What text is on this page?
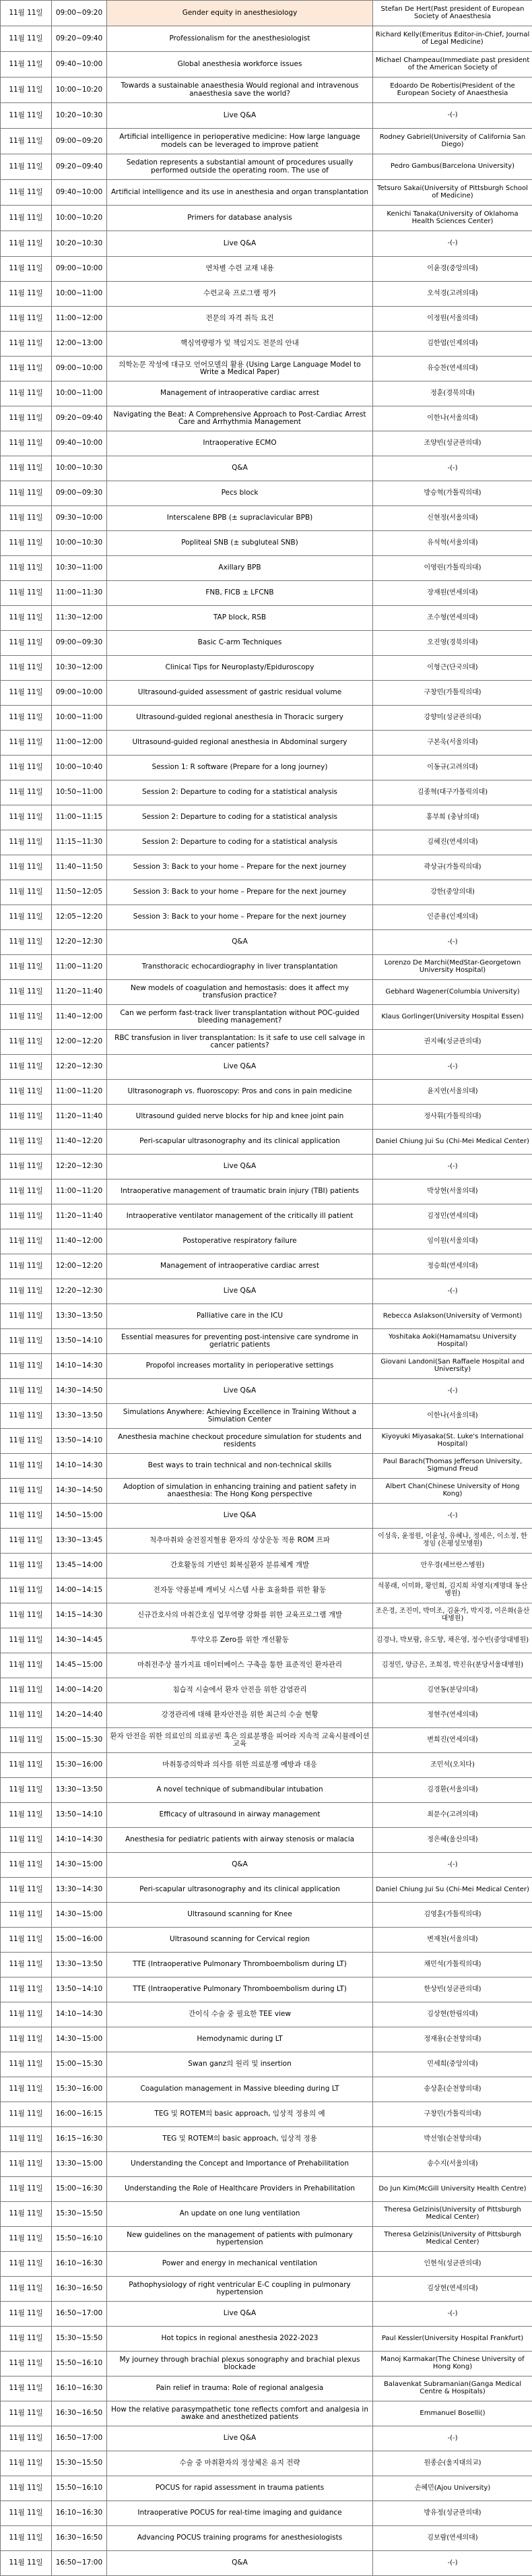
11월 11일	09:00~09:20	Gender equity in anesthesiology	Stefan De Hert(Past president of European Society of Anaesthesia
11월 11일	09:20~09:40	Professionalism for the anesthesiologist	Richard Kelly(Emeritus Editor-in-Chief, Journal of Legal Medicine)
11월 11일	09:40~10:00	Global anesthesia workforce issues	Michael Champeau(Immediate past president of the American Society of
11월 11일	10:00~10:20	Towards a sustainable anaesthesia Would regional and intravenous anaesthesia save the world?	Edoardo De Robertis(President of the European Society of Anaesthesia
11월 11일	10:20~10:30	Live Q&A	-(-)
11월 11일	09:00~09:20	Artificial intelligence in perioperative medicine: How large language models can be leveraged to improve patient	Rodney Gabriel(University of California San Diego)
11월 11일	09:20~09:40	Sedation represents a substantial amount of procedures usually performed outside the operating room. The use of	Pedro Gambus(Barcelona University)
11월 11일	09:40~10:00	Artificial intelligence and its use in anesthesia and organ transplantation	Tetsuro Sakai(University of Pittsburgh School of Medicine)
11월 11일	10:00~10:20	Primers for database analysis	Kenichi Tanaka(University of Oklahoma Health Sciences Center)
11월 11일	10:20~10:30	Live Q&A	-(-)
11월 11일	09:00~10:00	연차별 수련 교재 내용	이윤경(중앙의대)
11월 11일	10:00~11:00	수련교육 프로그램 평가	오석경(고려의대)
11월 11일	11:00~12:00	전문의 자격 취득 요건	이정원(서울의대)
11월 11일	12:00~13:00	핵심역량평가 및 책임지도 전문의 안내	김한엽(인제의대)
11월 11일	09:00~10:00	의학논문 작성에 대규모 언어모델의 활용 (Using Large Language Model to Write a Medical Paper)	유승찬(연세의대)
11월 11일	10:00~11:00	Management of intraoperative cardiac arrest	정훈(경북의대)
11월 11일	09:20~09:40	Navigating the Beat: A Comprehensive Approach to Post-Cardiac Arrest Care and Arrhythmia Management	이한나(서울의대)
11월 11일	09:40~10:00	Intraoperative ECMO	조양빈(성균관의대)
11월 11일	10:00~10:30	Q&A	-(-)
11월 11일	09:00~09:30	Pecs block	방승혁(가톨릭의대)
11월 11일	09:30~10:00	Interscalene BPB (± supraclavicular BPB)	신현정(서울의대)
11월 11일	10:00~10:30	Popliteal SNB (± subgluteal SNB)	유석혁(서울의대)
11월 11일	10:30~11:00	Axillary BPB	이영린(가톨릭의대)
11월 11일	11:00~11:30	FNB, FICB ± LFCNB	장재원(연세의대)
11월 11일	11:30~12:00	TAP block, RSB	조수형(연세의대)
11월 11일	09:00~09:30	Basic C-arm Techniques	오진영(경북의대)
11월 11일	10:30~12:00	Clinical Tips for Neuroplasty/Epiduroscopy	이형근(단국의대)
11월 11일	09:00~10:00	Ultrasound-guided assessment of gastric residual volume	구창민(가톨릭의대)
11월 11일	10:00~11:00	Ultrasound-guided regional anesthesia in Thoracic surgery	강향미(성균관의대)
11월 11일	11:00~12:00	Ultrasound-guided regional anesthesia in Abdominal surgery	구본욱(서울의대)
11월 11일	10:00~10:40	Session 1: R software (Prepare for a long journey)	이동규(고려의대)
11월 11일	10:50~11:00	Session 2: Departure to coding for a statistical analysis	김종혁(대구가톨릭의대)
11월 11일	11:00~11:15	Session 2: Departure to coding for a statistical analysis	홍부희 (충남의대)
11월 11일	11:15~11:30	Session 2: Departure to coding for a statistical analysis	김혜진(연세의대)
11월 11일	11:40~11:50	Session 3: Back to your home – Prepare for the next journey	곽상규(가톨릭의대)
11월 11일	11:50~12:05	Session 3: Back to your home – Prepare for the next journey	강한(중앙의대)
11월 11일	12:05~12:20	Session 3: Back to your home – Prepare for the next journey	인준용(인제의대)
11월 11일	12:20~12:30	Q&A	-(-)
11월 11일	11:00~11:20	Transthoracic echocardiography in liver transplantation	Lorenzo De Marchi(MedStar-Georgetown University Hospital)
11월 11일	11:20~11:40	New models of coagulation and hemostasis: does it affect my transfusion practice?	Gebhard Wagener(Columbia University)
11월 11일	11:40~12:00	Can we perform fast-track liver transplantation without POC-guided bleeding management?	Klaus Gorlinger(University Hospital Essen)
11월 11일	12:00~12:20	RBC transfusion in liver transplantation: Is it safe to use cell salvage in cancer patients?	권지혜(성균관의대)
11월 11일	12:20~12:30	Live Q&A	-(-)
11월 11일	11:00~11:20	Ultrasonograph vs. fluoroscopy: Pros and cons in pain medicine	윤지연(서울의대)
11월 11일	11:20~11:40	Ultrasound guided nerve blocks for hip and knee joint pain	정사휘(가톨릭의대)
11월 11일	11:40~12:20	Peri-scapular ultrasonography and its clinical application	Daniel Chiung Jui Su (Chi-Mei Medical Center)
11월 11일	12:20~12:30	Live Q&A	-(-)
11월 11일	11:00~11:20	Intraoperative management of traumatic brain injury (TBI) patients	박상현(서울의대)
11월 11일	11:20~11:40	Intraoperative ventilator management of the critically ill patient	김정민(연세의대)
11월 11일	11:40~12:00	Postoperative respiratory failure	임이원(서울의대)
11월 11일	12:00~12:20	Management of intraoperative cardiac arrest	정승희(연세의대)
11월 11일	12:20~12:30	Live Q&A	-(-)
11월 11일	13:30~13:50	Palliative care in the ICU	Rebecca Aslakson(University of Vermont)
11월 11일	13:50~14:10	Essential measures for preventing post-intensive care syndrome in geriatric patients	Yoshitaka Aoki(Hamamatsu University Hospital)
11월 11일	14:10~14:30	Propofol increases mortality in perioperative settings	Giovani Landoni(San Raffaele Hospital and University)
11월 11일	14:30~14:50	Live Q&A	-(-)
11월 11일	13:30~13:50	Simulations Anywhere: Achieving Excellence in Training Without a Simulation Center	이한나(서울의대)
11월 11일	13:50~14:10	Anesthesia machine checkout procedure simulation for students and residents	Kiyoyuki Miyasaka(St. Luke's International Hospital)
11월 11일	14:10~14:30	Best ways to train technical and non-technical skills	Paul Barach(Thomas Jefferson University, Sigmund Freud
11월 11일	14:30~14:50	Adoption of simulation in enhancing training and patient safety in anaesthesia: The Hong Kong perspective	Albert Chan(Chinese University of Hong Kong)
11월 11일	14:50~15:00	Live Q&A	-(-)
11월 11일	13:30~13:45	척추마취와 술전질지혈용 환자의 상상운동 적용 ROM 프파	이성욱, 윤정원, 이윤성, 유혜나, 정세은, 이소정, 한정임 (은평성모병원)
11월 11일	13:45~14:00	간호활동의 기반인 회복실환자 분류체계 개발	안우경(세브란스병원)
11월 11일	14:00~14:15	전자동 약품분배 캐비닛 시스템 사용 효율화를 위한 활동	석봉래, 이미화, 황인희, 김지희 차영지(계명대 동산병원)
11월 11일	14:15~14:30	신규간호사의 마취간호실 업무역량 강화를 위한 교육프로그램 개발	조은경, 조진미, 박미조, 김윤가, 박지경, 이은화(을산대병원)
11월 11일	14:30~14:45	투약오류 Zero를 위한 개선활동	김경나, 박보람, 유도향, 채은영, 정수빈(중앙대병원)
11월 11일	14:45~15:00	마취전주상 불가지표 데이터베이스 구축을 통한 표준적인 환자관리	김정민, 양금은, 조희경, 박진유(분당서울대병원)
11월 11일	14:00~14:20	침습적 시술에서 환자 안전을 위한 감염관리	김연동(분당의대)
11월 11일	14:20~14:40	강경관리에 대해 환자안전을 위한 최근의 수술 현황	정현주(연세의대)
11월 11일	15:00~15:30	환자 안전을 위한 의료인의 의료공빈 혹은 의료분쟁을 피어라 지속적 교육시뮬레이션 교육	변희진(연세의대)
11월 11일	15:30~16:00	마취통증의학과 의사를 위한 의료분쟁 예방과 대응	조민석(오치다)
11월 11일	13:30~13:50	A novel technique of submandibular intubation	김경환(서울의대)
11월 11일	13:50~14:10	Efficacy of ultrasound in airway management	최문수(고려의대)
11월 11일	14:10~14:30	Anesthesia for pediatric patients with airway stenosis or malacia	정은혜(울산의대)
11월 11일	14:30~15:00	Q&A	-(-)
11월 11일	13:30~14:30	Peri-scapular ultrasonography and its clinical application	Daniel Chiung Jui Su (Chi-Mei Medical Center)
11월 11일	14:30~15:00	Ultrasound scanning for Knee	김영훈(가톨릭의대)
11월 11일	15:00~16:00	Ultrasound scanning for Cervical region	변재천(서울의대)
11월 11일	13:30~13:50	TTE (Intraoperative Pulmonary Thromboembolism during LT)	채민석(가톨릭의대)
11월 11일	13:50~14:10	TTE (Intraoperative Pulmonary Thromboembolism during LT)	한상빈(성균관의대)
11월 11일	14:10~14:30	간이식 수술 중 필요한 TEE view	김상현(한림의대)
11월 11일	14:30~15:00	Hemodynamic during LT	정재용(순천향의대)
11월 11일	15:00~15:30	Swan ganz의 원리 및 insertion	민세희(중앙의대)
11월 11일	15:30~16:00	Coagulation management in Massive bleeding during LT	송상훈(순천향의대)
11월 11일	16:00~16:15	TEG 및 ROTEM의 basic approach, 임상적 정용의 예	구창민(가톨릭의대)
11월 11일	16:15~16:30	TEG 및 ROTEM의 basic approach, 임상적 정용	박선영(순천향의대)
11월 11일	13:30~15:00	Understanding the Concept and Importance of Prehabilitation	송수지(서울의대)
11월 11일	15:00~16:30	Understanding the Role of Healthcare Providers in Prehabilitation	Do Jun Kim(McGill University Health Centre)
11월 11일	15:30~15:50	An update on one lung ventilation	Theresa Gelzinis(University of Pittsburgh Medical Center)
11월 11일	15:50~16:10	New guidelines on the management of patients with pulmonary hypertension	Theresa Gelzinis(University of Pittsburgh Medical Center)
11월 11일	16:10~16:30	Power and energy in mechanical ventilation	인현석(성균관의대)
11월 11일	16:30~16:50	Pathophysiology of right ventricular E-C coupling in pulmonary hypertension	김상현(연세의대)
11월 11일	16:50~17:00	Live Q&A	-(-)
11월 11일	15:30~15:50	Hot topics in regional anesthesia 2022-2023	Paul Kessler(University Hospital Frankfurt)
11월 11일	15:50~16:10	My journey through brachial plexus sonography and brachial plexus blockade	Manoj Karmakar(The Chinese University of Hong Kong)
11월 11일	16:10~16:30	Pain relief in trauma: Role of regional analgesia	Balavenkat Subramanian(Ganga Medical Centre & Hospitals)
11월 11일	16:30~16:50	How the relative parasympathetic tone reflects comfort and analgesia in awake and anesthetized patients	Emmanuel Boselli()
11월 11일	16:50~17:00	Live Q&A	-(-)
11월 11일	15:30~15:50	수술 중 마취환자의 정상체온 유지 전략	원종순(울지대의교)
11월 11일	15:50~16:10	POCUS for rapid assessment in trauma patients	손혜민(Ajou University)
11월 11일	16:10~16:30	Intraoperative POCUS for real-time imaging and guidance	방유정(성균관의대)
11월 11일	16:30~16:50	Advancing POCUS training programs for anesthesiologists	김보람(연세의대)
11월 11일	16:50~17:00	Q&A	-(-)
